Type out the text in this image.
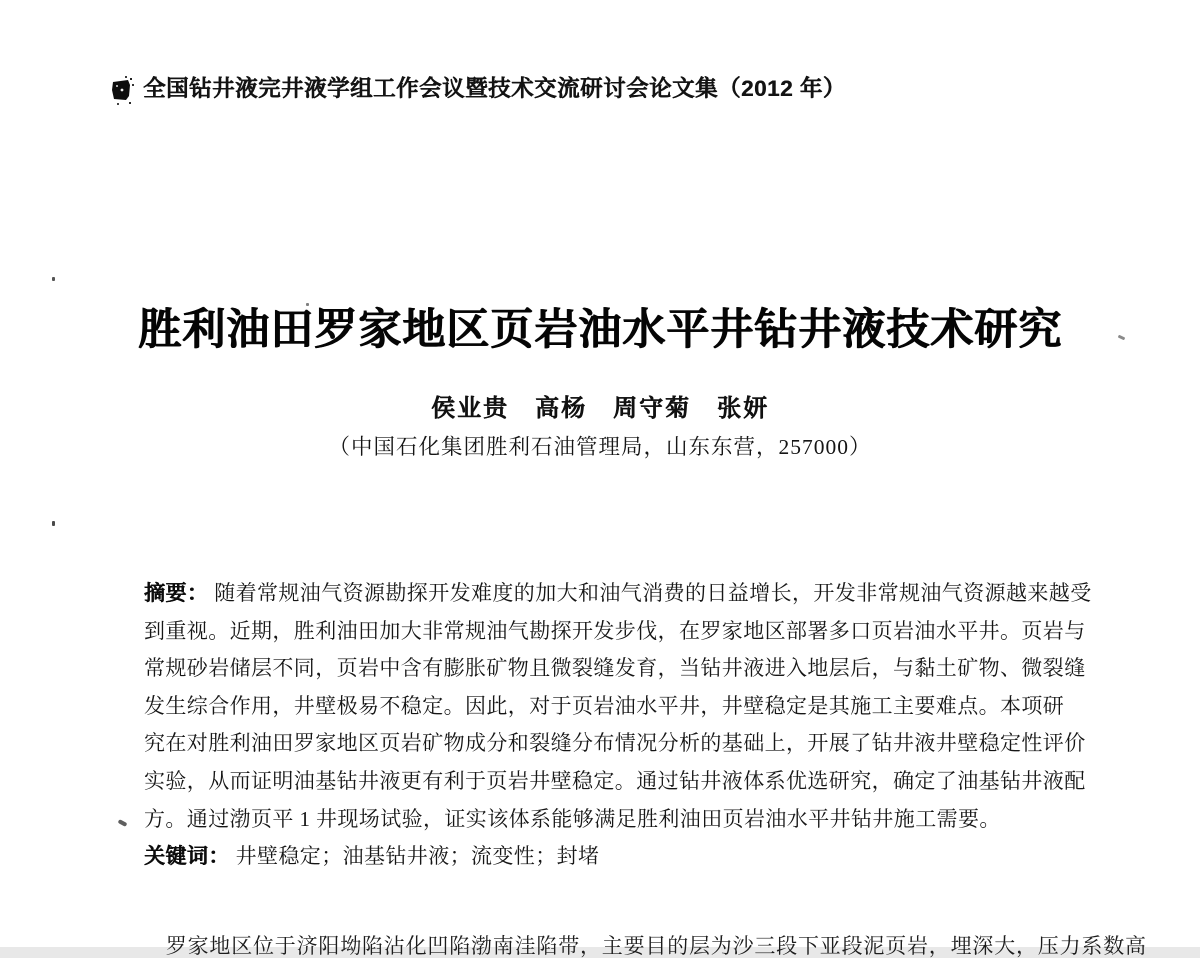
全国钻井液完井液学组工作会议暨技术交流研讨会论文集（2012 年）
胜利油田罗家地区页岩油水平井钻井液技术研究
侯业贵　高杨　周守菊　张妍
（中国石化集团胜利石油管理局，山东东营，257000）
摘要： 随着常规油气资源勘探开发难度的加大和油气消费的日益增长，开发非常规油气资源越来越受
到重视。近期，胜利油田加大非常规油气勘探开发步伐，在罗家地区部署多口页岩油水平井。页岩与
常规砂岩储层不同，页岩中含有膨胀矿物且微裂缝发育，当钻井液进入地层后，与黏土矿物、微裂缝
发生综合作用，井壁极易不稳定。因此，对于页岩油水平井，井壁稳定是其施工主要难点。本项研
究在对胜利油田罗家地区页岩矿物成分和裂缝分布情况分析的基础上，开展了钻井液井壁稳定性评价
实验，从而证明油基钻井液更有利于页岩井壁稳定。通过钻井液体系优选研究，确定了油基钻井液配
方。通过渤页平 1 井现场试验，证实该体系能够满足胜利油田页岩油水平井钻井施工需要。
关键词： 井壁稳定；油基钻井液；流变性；封堵
　罗家地区位于济阳坳陷沾化凹陷渤南洼陷带，主要目的层为沙三段下亚段泥页岩，埋深大，压力系数高
